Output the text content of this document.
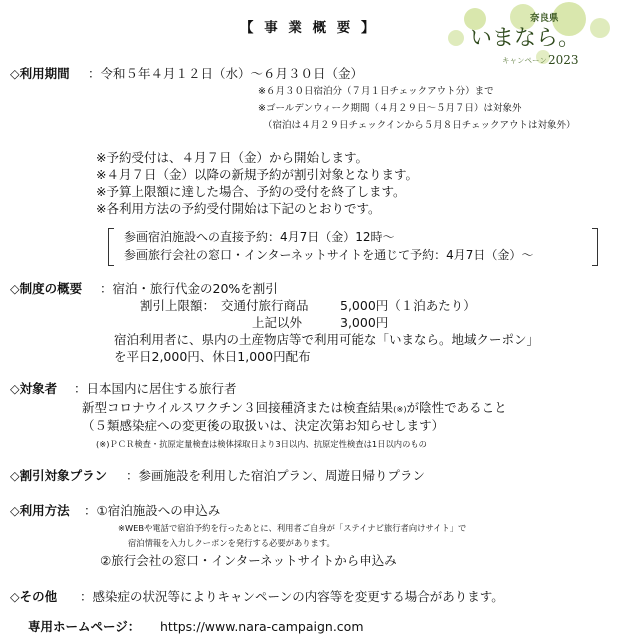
【 事 業 概 要 】
奈良県
いまなら。
キャンペーン 2023
◇利用期間 ：令和５年４月１２日（水）～６月３０日（金）
※６月３０日宿泊分（７月１日チェックアウト分）まで
※ゴールデンウィーク期間（４月２９日～５月７日）は対象外
（宿泊は４月２９日チェックインから５月８日チェックアウトは対象外）
※予約受付は、４月７日（金）から開始します。
※４月７日（金）以降の新規予約が割引対象となります。
※予算上限額に達した場合、予約の受付を終了します。
※各利用方法の予約受付開始は下記のとおりです。
参画宿泊施設への直接予約：4月7日（金）12時～
参画旅行会社の窓口・インターネットサイトを通じて予約：4月7日（金）～
◇制度の概要 ：宿泊・旅行代金の20%を割引
割引上限額： 交通付旅行商品	5,000円（１泊あたり）
上記以外	3,000円
宿泊利用者に、県内の土産物店等で利用可能な「いまなら。地域クーポン」
を平日2,000円、休日1,000円配布
◇対象者 ：日本国内に居住する旅行者
新型コロナウイルスワクチン３回接種済または検査結果(※)が陰性であること
（５類感染症への変更後の取扱いは、決定次第お知らせします）
(※)ＰＣＲ検査・抗原定量検査は検体採取日より3日以内、抗原定性検査は1日以内のもの
◇割引対象プラン ：参画施設を利用した宿泊プラン、周遊日帰りプラン
◇利用方法 ：①宿泊施設への申込み
※WEBや電話で宿泊予約を行ったあとに、利用者ご自身が「ステイナビ旅行者向けサイト」で
宿泊情報を入力しクーポンを発行する必要があります。
②旅行会社の窓口・インターネットサイトから申込み
◇その他 ：感染症の状況等によりキャンペーンの内容等を変更する場合があります。
専用ホームページ： https://www.nara-campaign.com
